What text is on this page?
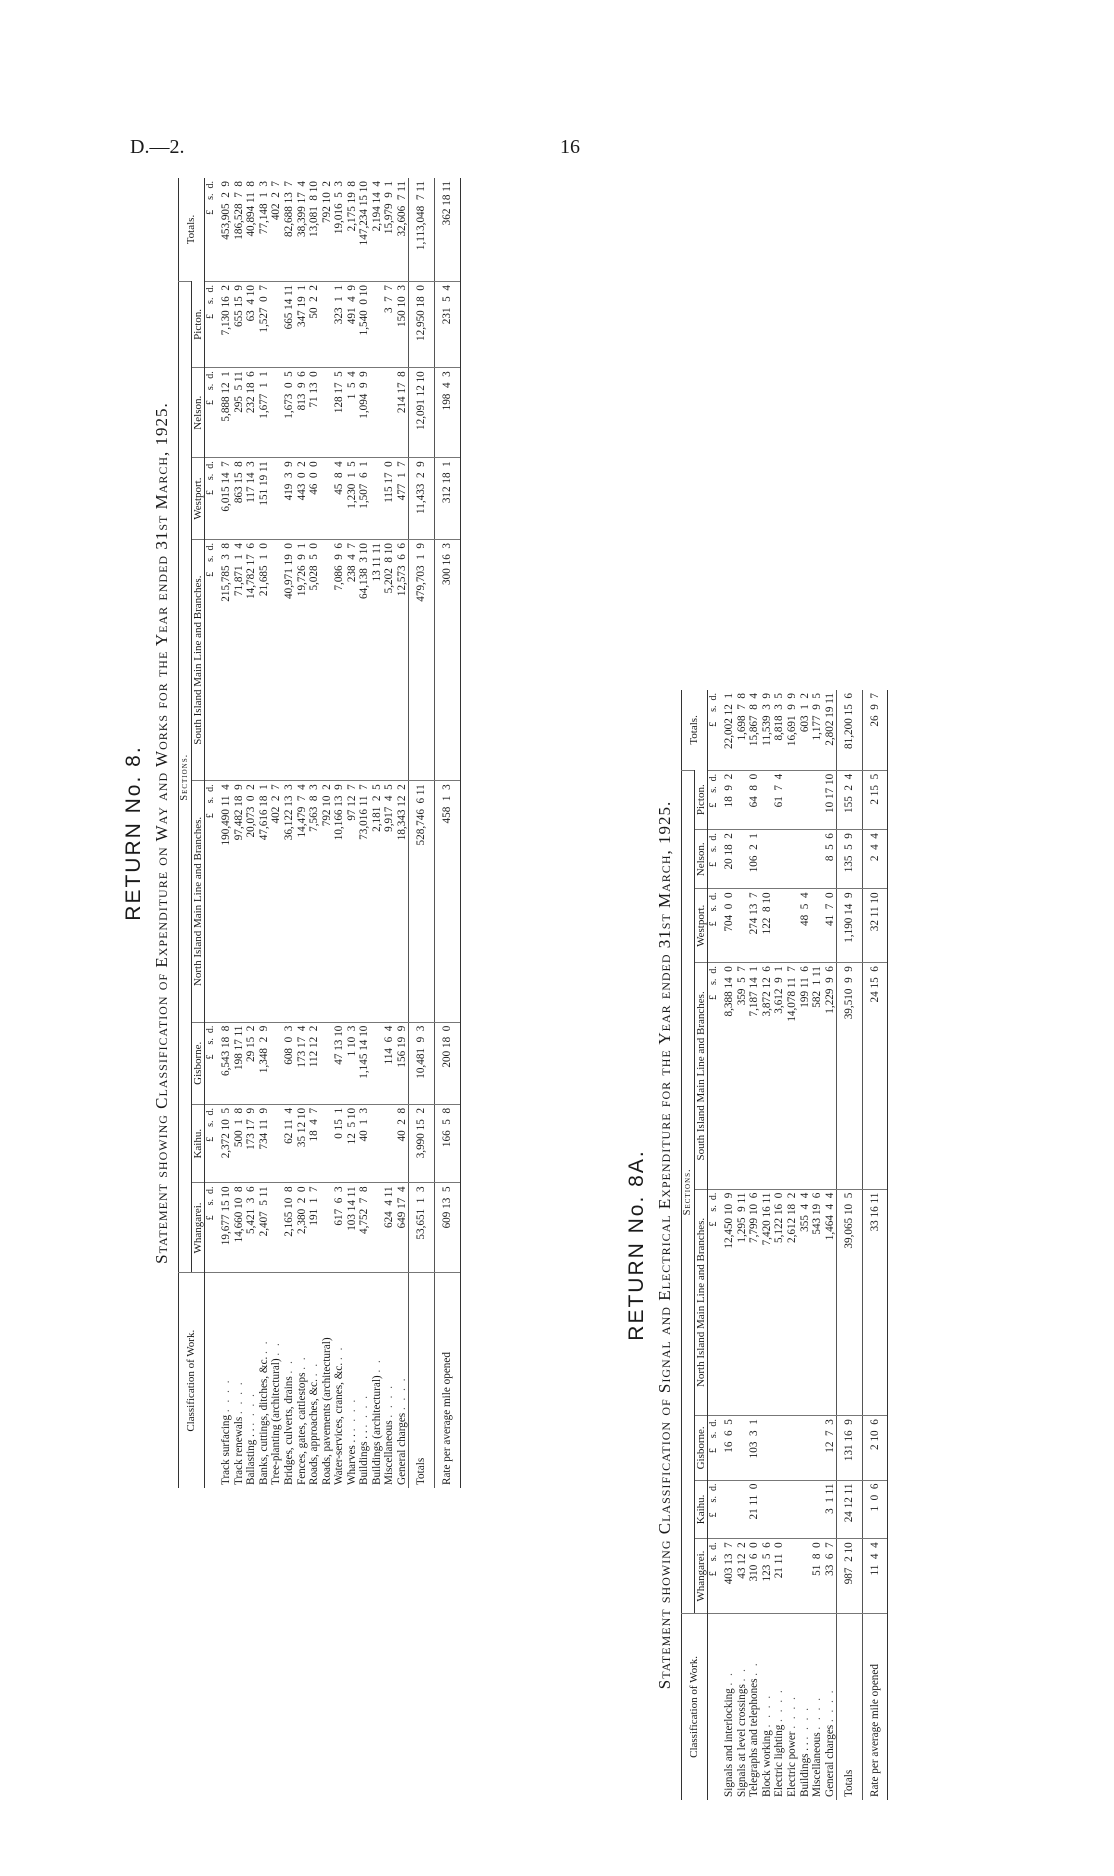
D.—2.	16
RETURN No. 8. Statement showing Classification of Expenditure on Way and Works for the Year ended 31st March, 1925.
Classification of Work.	Sections.								Totals.
	Whangarei.	Kaihu.	Gisborne.	North Island Main Line and Branches.	South Island Main Line and Branches.	Westport.	Nelson.	Picton.	
	£    s.  d.	£    s.  d.	£    s.  d.	£    s.  d.	£    s.  d.	£    s.  d.	£    s.  d.	£    s.  d.	£    s.  d.
Track surfacing . . . .	19,677 15 10	2,372 10  5	6,543 18  8	190,490 11  4	215,785  3  8	6,015 14  7	5,888 12  1	7,130 16  2	453,905  2  9
Track renewals . . . .	14,660 10  8	500  1  8	198 17 11	97,482 18  9	71,871  1  4	863 15  8	295  5 11	655 15  9	186,528  7  8
Ballasting . . . . . .	5,421  3  6	173 17  9	29 15  2	20,073  0  2	14,782 17  6	117 14  3	232 18  6	63  4 10	40,894 11  8
Banks, cuttings, ditches, &c. . .	2,407  5 11	734 11  9	1,348  2  9	47,616 18  1	21,685  1  0	151 19 11	1,677  1  1	1,527  0  7	77,148  1  3
Tree-planting (architectural) . .				402  2  7					402  2  7
Bridges, culverts, drains . .	2,165 10  8	62 11  4	608  0  3	36,122 13  3	40,971 19  0	419  3  9	1,673  0  5	665 14 11	82,688 13  7
Fences, gates, cattlestops . .	2,380  2  0	35 12 10	173 17  4	14,479  7  4	19,726  9  1	443  0  2	813  9  6	347 19  1	38,399 17  4
Roads, approaches, &c. . .	191  1  7	18  4  7	112 12  2	7,563  8  3	5,028  5  0	46  0  0	71 13  0	50  2  2	13,081  8 10
Roads, pavements (architectural)				792 10  2					792 10  2
Water-services, cranes, &c. . .	617  6  3	0 15  1	47 13 10	10,166 13  9	7,086  9  6	45  8  4	128 17  5	323  1  1	19,016  5  3
Wharves . . . . . .	103 14 11	12  5 10	1 10  3	97 12  7	238  4  7	1,230  1  5	1  5  4	491  4  9	2,175 19  8
Buildings . . . . . .	4,752  7  8	40  1  3	1,145 14 10	73,016 11  7	64,138  3 10	1,507  6  1	1,094  9  9	1,540  0 10	147,234 15 10
Buildings (architectural) . .				2,181  2  5	13 11 11				2,194 14  4
Miscellaneous . . . .	624  4 11		114  6  4	9,917  4  5	5,202  8 10	115 17  0		3  7  7	15,979  9  1
General charges . . . .	649 17  4	40  2  8	156 19  9	18,343 12  2	12,573  6  6	477  1  7	214 17  8	150 10  3	32,606  7 11
Totals	53,651  1  3	3,990 15  2	10,481  9  3	528,746  6 11	479,703  1  9	11,433  2  9	12,091 12 10	12,950 18  0	1,113,048  7 11
Rate per average mile opened	609 13  5	166  5  8	200 18  0	458  1  3	300 16  3	312 18  1	198  4  3	231  5  4	362 18 11
RETURN No. 8A. Statement showing Classification of Signal and Electrical Expenditure for the Year ended 31st March, 1925.
Classification of Work.	Sections.								Totals.
	Whangarei.	Kaihu.	Gisborne.	North Island Main Line and Branches.	South Island Main Line and Branches.	Westport.	Nelson.	Picton.	
	£    s.  d.	£    s.  d.	£    s.  d.	£    s.  d.	£    s.  d.	£    s.  d.	£    s.  d.	£    s.  d.	£    s.  d.
Signals and interlocking . .	403 13  7		16  6  5	12,450 10  9	8,388 14  0	704  0  0	20 18  2	18  9  2	22,002 12  1
Signals at level crossings . .	43 12  2			1,295  9 11	359  5  7				1,698  7  8
Telegraphs and telephones . .	310  6  0	21 11  0	103  3  1	7,799 10  6	7,187 14  1	274 13  7	106  2  1	64  8  0	15,867  8  4
Block working . . . .	123  5  6			7,420 16 11	3,872 12  6	122  8 10			11,539  3  9
Electric lighting . . . .	21 11  0			5,122 16  0	3,612  9  1			61  7  4	8,818  3  5
Electric power . . . .				2,612 18  2	14,078 11  7				16,691  9  9
Buildings . . . . . .				355  4  4	199 11  6	48  5  4			603  1  2
Miscellaneous . . . .	51  8  0			543 19  6	582  1 11				1,177  9  5
General charges . . . .	33  6  7	3  1 11	12  7  3	1,464  4  4	1,229  9  6	41  7  0	8  5  6	10 17 10	2,802 19 11
Totals	987  2 10	24 12 11	131 16  9	39,065 10  5	39,510  9  9	1,190 14  9	135  5  9	155  2  4	81,200 15  6
Rate per average mile opened	11  4  4	1  0  6	2 10  6	33 16 11	24 15  6	32 11 10	2  4  4	2 15  5	26  9  7
